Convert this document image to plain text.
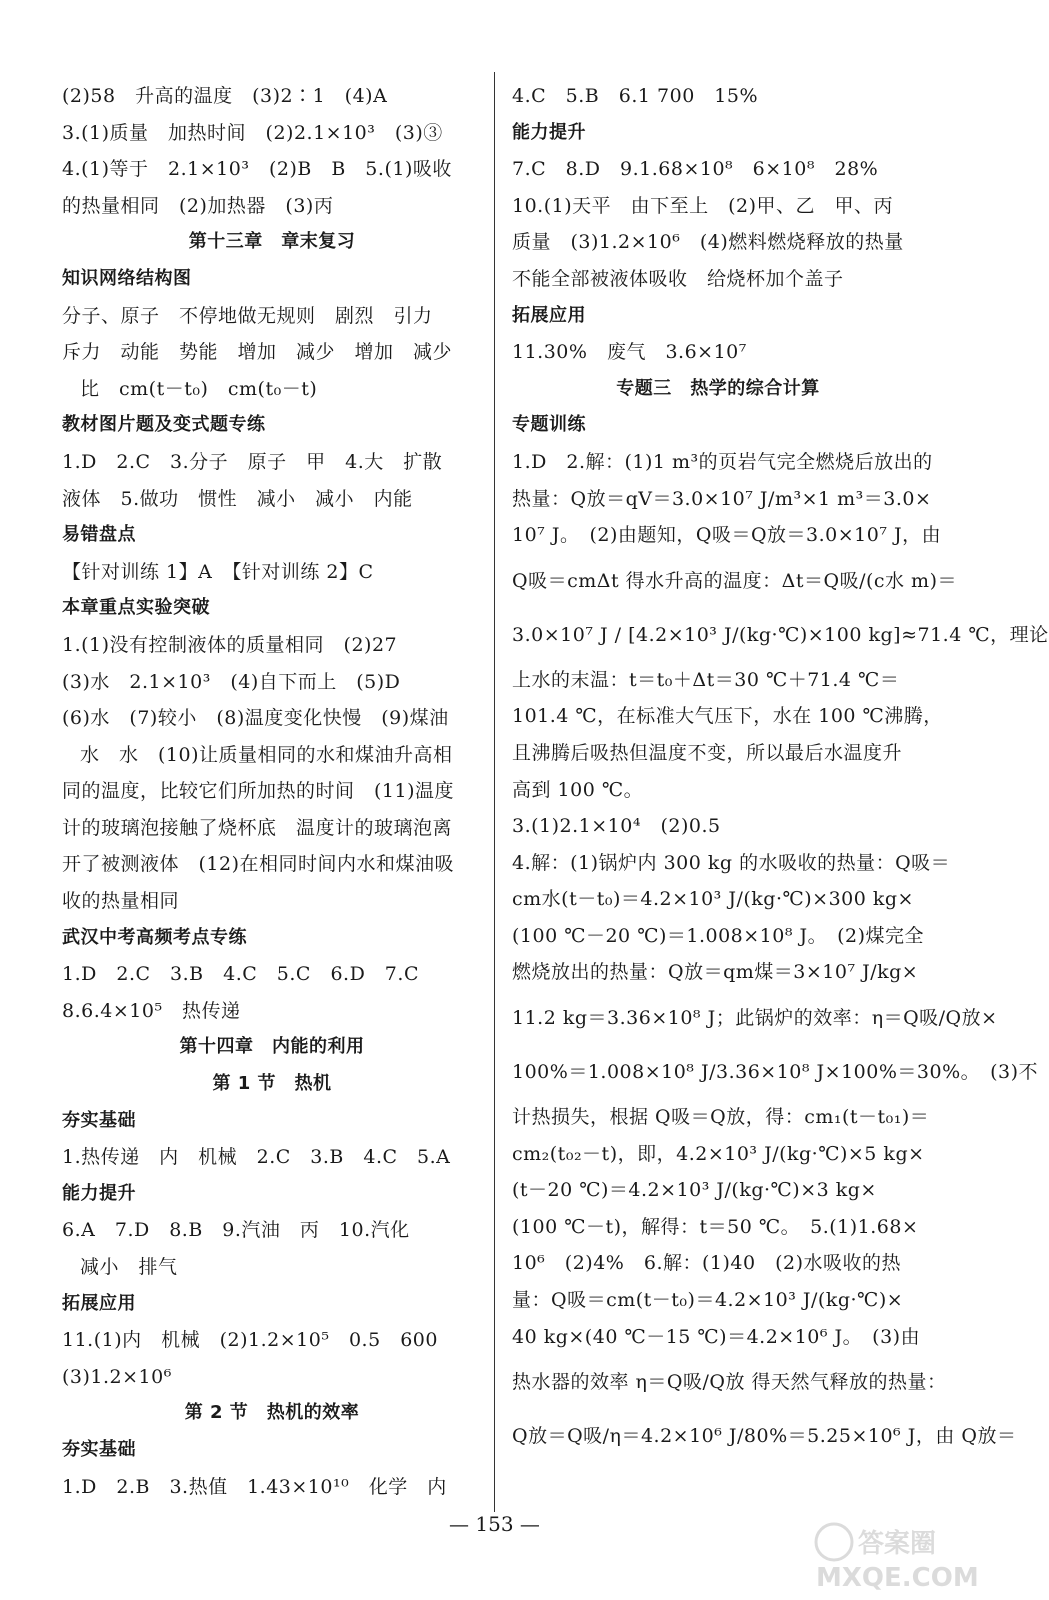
(2)58　升高的温度　(3)2∶1　(4)A
3.(1)质量　加热时间　(2)2.1×10³　(3)③
4.(1)等于　2.1×10³　(2)B　B　5.(1)吸收
的热量相同　(2)加热器　(3)丙
第十三章　章末复习
知识网络结构图
分子、原子　不停地做无规则　剧烈　引力
斥力　动能　势能　增加　减少　增加　减少
比　cm(t－t₀)　cm(t₀－t)
教材图片题及变式题专练
1.D　2.C　3.分子　原子　甲　4.大　扩散
液体　5.做功　惯性　减小　减小　内能
易错盘点
【针对训练 1】A　【针对训练 2】C
本章重点实验突破
1.(1)没有控制液体的质量相同　(2)27
(3)水　2.1×10³　(4)自下而上　(5)D
(6)水　(7)较小　(8)温度变化快慢　(9)煤油
水　水　(10)让质量相同的水和煤油升高相
同的温度，比较它们所加热的时间　(11)温度
计的玻璃泡接触了烧杯底　温度计的玻璃泡离
开了被测液体　(12)在相同时间内水和煤油吸
收的热量相同
武汉中考高频考点专练
1.D　2.C　3.B　4.C　5.C　6.D　7.C
8.6.4×10⁵　热传递
第十四章　内能的利用
第 1 节　热机
夯实基础
1.热传递　内　机械　2.C　3.B　4.C　5.A
能力提升
6.A　7.D　8.B　9.汽油　丙　10.汽化
减小　排气
拓展应用
11.(1)内　机械　(2)1.2×10⁵　0.5　600
(3)1.2×10⁶
第 2 节　热机的效率
夯实基础
1.D　2.B　3.热值　1.43×10¹⁰　化学　内
4.C　5.B　6.1 700　15%
能力提升
7.C　8.D　9.1.68×10⁸　6×10⁸　28%
10.(1)天平　由下至上　(2)甲、乙　甲、丙
质量　(3)1.2×10⁶　(4)燃料燃烧释放的热量
不能全部被液体吸收　给烧杯加个盖子
拓展应用
11.30%　废气　3.6×10⁷
专题三　热学的综合计算
专题训练
1.D　2.解：(1)1 m³的页岩气完全燃烧后放出的
热量：Q放＝qV＝3.0×10⁷ J/m³×1 m³＝3.0×
10⁷ J。　(2)由题知，Q吸＝Q放＝3.0×10⁷ J，由
Q吸＝cmΔt 得水升高的温度：Δt＝Q吸/(c水 m)＝
3.0×10⁷ J / [4.2×10³ J/(kg·℃)×100 kg]≈71.4 ℃，理论
上水的末温：t＝t₀＋Δt＝30 ℃＋71.4 ℃＝
101.4 ℃，在标准大气压下，水在 100 ℃沸腾，
且沸腾后吸热但温度不变，所以最后水温度升
高到 100 ℃。
3.(1)2.1×10⁴　(2)0.5
4.解：(1)锅炉内 300 kg 的水吸收的热量：Q吸＝
cm水(t－t₀)＝4.2×10³ J/(kg·℃)×300 kg×
(100 ℃－20 ℃)＝1.008×10⁸ J。　(2)煤完全
燃烧放出的热量：Q放＝qm煤＝3×10⁷ J/kg×
11.2 kg＝3.36×10⁸ J；此锅炉的效率：η＝Q吸/Q放×
100%＝1.008×10⁸ J/3.36×10⁸ J×100%＝30%。　(3)不
计热损失，根据 Q吸＝Q放，得：cm₁(t－t₀₁)＝
cm₂(t₀₂－t)，即，4.2×10³ J/(kg·℃)×5 kg×
(t－20 ℃)＝4.2×10³ J/(kg·℃)×3 kg×
(100 ℃－t)，解得：t＝50 ℃。　5.(1)1.68×
10⁶　(2)4%　6.解：(1)40　(2)水吸收的热
量：Q吸＝cm(t－t₀)＝4.2×10³ J/(kg·℃)×
40 kg×(40 ℃－15 ℃)＝4.2×10⁶ J。　(3)由
热水器的效率 η＝Q吸/Q放 得天然气释放的热量：
Q放＝Q吸/η＝4.2×10⁶ J/80%＝5.25×10⁶ J，由 Q放＝
— 153 —
答案圈
MXQE.COM
